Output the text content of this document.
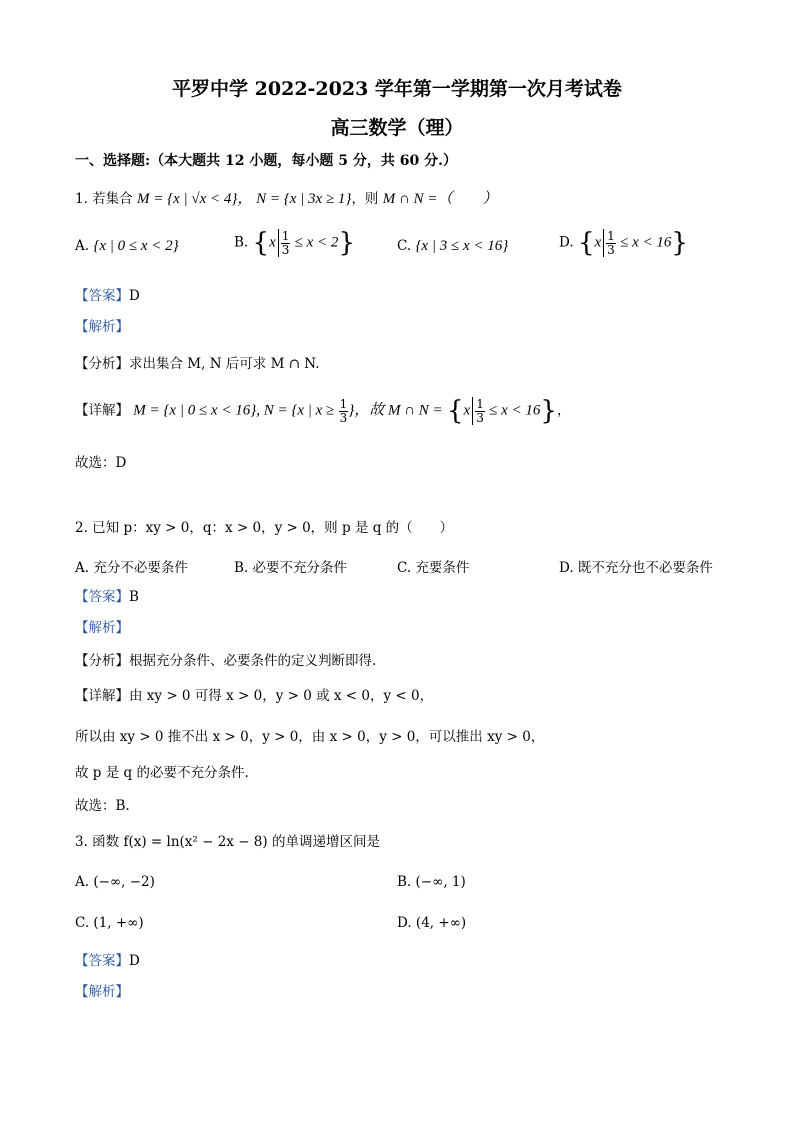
平罗中学 2022-2023 学年第一学期第一次月考试卷
高三数学（理）
一、选择题:（本大题共 12 小题，每小题 5 分，共 60 分.）
1. 若集合 M = {x | √x < 4}， N = {x | 3x ≥ 1}，则 M ∩ N =（　　）
A. {x | 0 ≤ x < 2}	B. $\{x \frac{1}{3} \le x < 2\}$	C. {x | 3 ≤ x < 16}	D. $\{x \frac{1}{3} \le x < 16\}$
【答案】D
【解析】
【分析】求出集合 M, N 后可求 M ∩ N.
【详解】 M = {x | 0 ≤ x < 16}, N = {x | $x \ge \frac{1}{3}$ }，故 M ∩ $N = \{x \frac{1}{3} \le x < 16\}$，
故选：D
2. 已知 p：xy > 0，q：x > 0，y > 0，则 p 是 q 的（　　）
A. 充分不必要条件	B. 必要不充分条件	C. 充要条件	D. 既不充分也不必要条件
【答案】B
【解析】
【分析】根据充分条件、必要条件的定义判断即得.
【详解】由 xy > 0 可得 x > 0，y > 0 或 x < 0，y < 0，
所以由 xy > 0 推不出 x > 0，y > 0，由 x > 0，y > 0，可以推出 xy > 0，
故 p 是 q 的必要不充分条件.
故选：B.
3. 函数 f(x) = ln(x² − 2x − 8) 的单调递增区间是
A. (−∞, −2)	B. (−∞, 1)
C. (1, +∞)	D. (4, +∞)
【答案】D
【解析】
